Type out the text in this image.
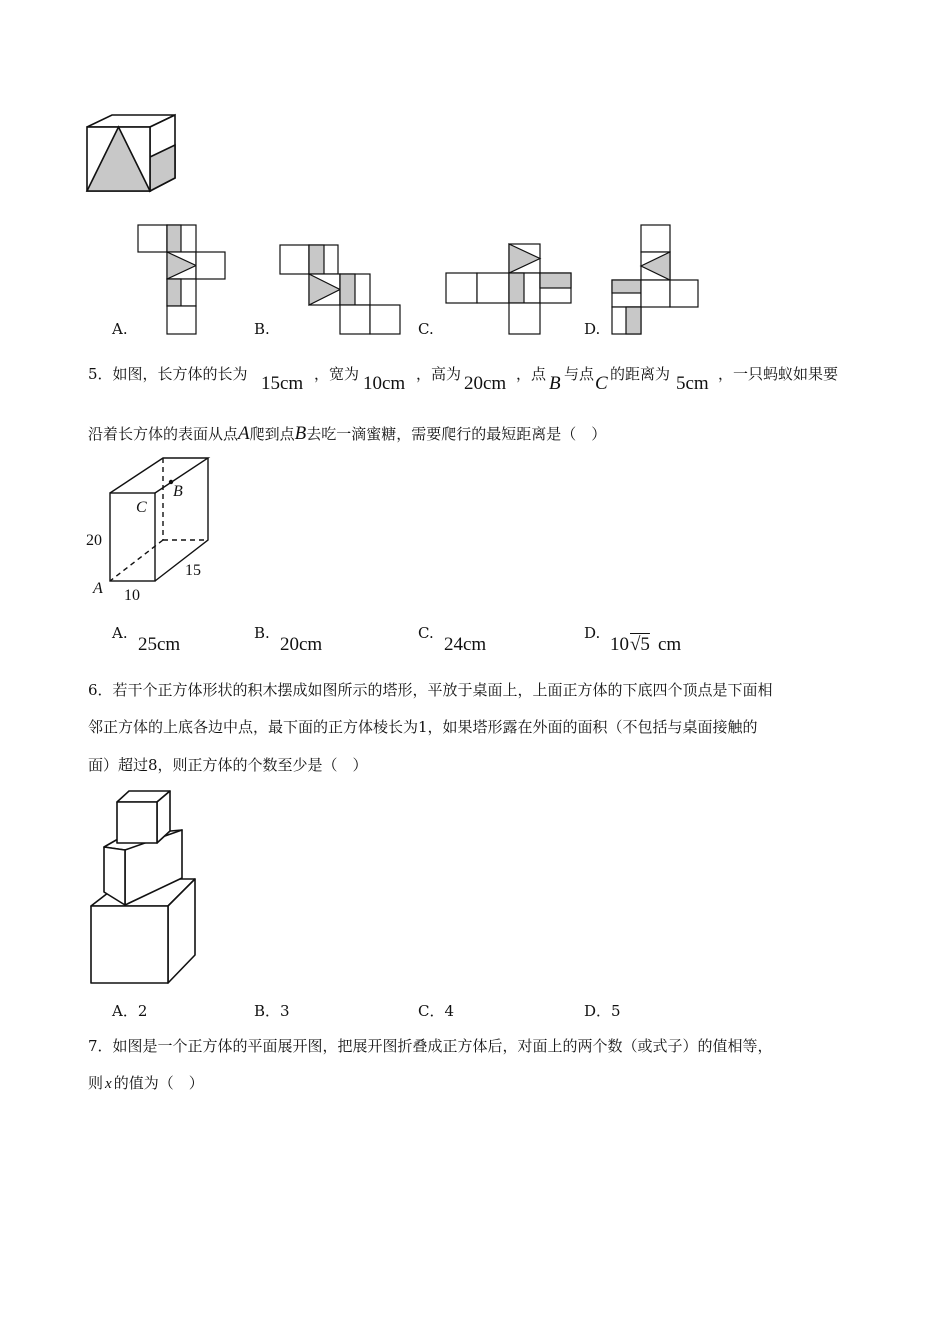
A.	B.	C.	D.
5．如图，长方体的长为 15cm ，宽为 10cm ，高为 20cm ，点 B 与点 C 的距离为 5cm ，一只蚂蚁如果要
沿着长方体的表面从点A爬到点B去吃一滴蜜糖，需要爬行的最短距离是（　）
B
C
A
20
10
15
A.
25cm
B.
20cm
C.
24cm
D.
10 √5 cm
6．若干个正方体形状的积木摆成如图所示的塔形，平放于桌面上，上面正方体的下底四个顶点是下面相
邻正方体的上底各边中点，最下面的正方体棱长为1，如果塔形露在外面的面积（不包括与桌面接触的
面）超过8，则正方体的个数至少是（　）
A．2	B．3	C．4	D．5
7．如图是一个正方体的平面展开图，把展开图折叠成正方体后，对面上的两个数（或式子）的值相等，
则 x 的值为（　）
